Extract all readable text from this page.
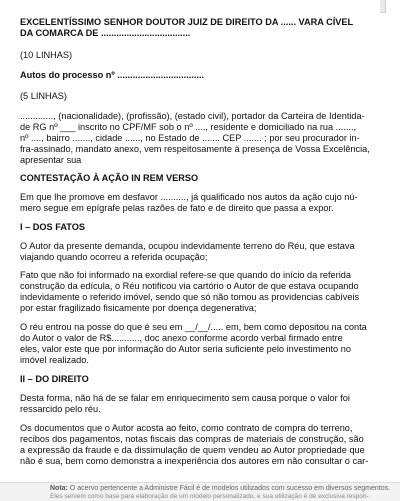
EXCELENTÍSSIMO SENHOR DOUTOR JUIZ DE DIREITO DA ...... VARA CÍVEL
DA COMARCA DE ...................................
(10 LINHAS)
Autos do processo nº ..................................
(5 LINHAS)
............., (nacionalidade), (profissão), (estado civil), portador da Carteira de Identida-
de RG nº ___ inscrito no CPF/MF sob o nº ...., residente e domiciliado na rua .......,
nº ...., bairro ......., cidade ......, no Estado de ....... CEP ....... ; por seu procurador in-
fra-assinado, mandato anexo, vem respeitosamente à presença de Vossa Excelência,
apresentar sua
CONTESTAÇÃO À AÇÃO IN REM VERSO
Em que lhe promove em desfavor .........., já qualificado nos autos da ação cujo nú-
mero segue em epígrafe pelas razões de fato e de direito que passa a expor.
I – DOS FATOS
O Autor da presente demanda, ocupou indevidamente terreno do Réu, que estava
viajando quando ocorreu a referida ocupação;
Fato que não foi informado na exordial refere-se que quando do início da referida
construção da edícula, o Réu notificou via cartório o Autor de que estava ocupando
indevidamente o referido imóvel, sendo que só não tomou as providencias cabíveis
por estar fragilizado fisicamente por doença degenerativa;
O réu entrou na posse do que é seu em __/__/..... em, bem como depositou na conta
do Autor o valor de R$..........., doc anexo conforme acordo verbal firmado entre
eles, valor este que por informação do Autor seria suficiente pelo investimento no
imóvel realizado.
II – DO DIREITO
Desta forma, não há de se falar em enriquecimento sem causa porque o valor foi
ressarcido pelo réu.
Os documentos que o Autor acosta ao feito, como contrato de compra do terreno,
recibos dos pagamentos, notas fiscais das compras de materiais de construção, são
a expressão da fraude e da dissimulação de quem vendeu ao Autor propriedade que
não é sua, bem como demonstra a inexperiência dos autores em não consultar o car-
Nota: O acervo pertencente a Administre Fácil é de modelos utilizados com sucesso em diversos segmentos.
Eles servem como base para elaboração de um modelo personalizado, e sua utilização é de exclusiva respon-
